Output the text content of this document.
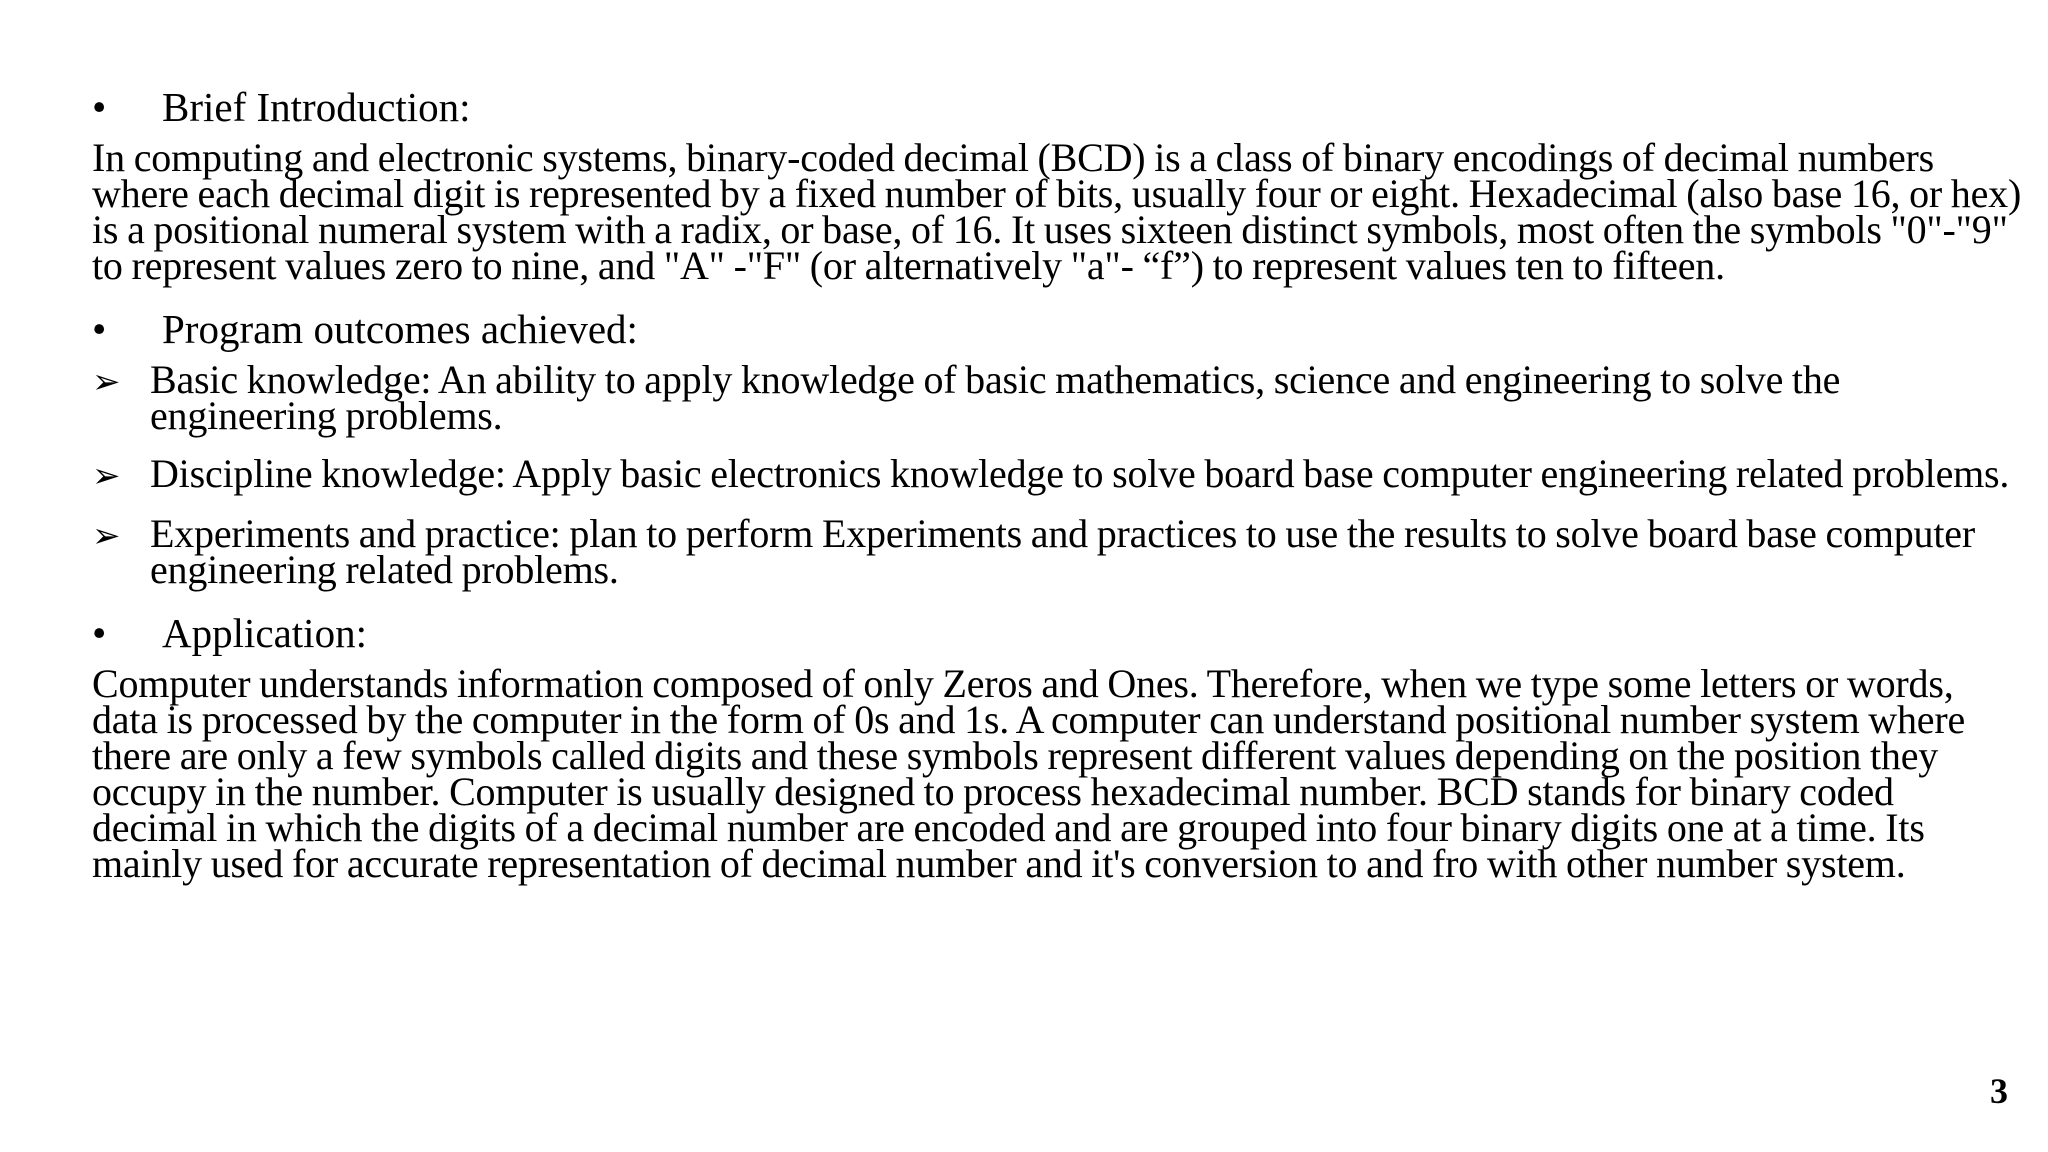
•	Brief Introduction:

In computing and electronic systems, binary-coded decimal (BCD) is a class of binary encodings of decimal numbers where each decimal digit is represented by a fixed number of bits, usually four or eight. Hexadecimal (also base 16, or hex) is a positional numeral system with a radix, or base, of 16. It uses sixteen distinct symbols, most often the symbols "0"-"9" to represent values zero to nine, and "A" -"F" (or alternatively "a"- “f”) to represent values ten to fifteen.

•	Program outcomes achieved:
➢ Basic knowledge: An ability to apply knowledge of basic mathematics, science and engineering to solve the engineering problems.
➢ Discipline knowledge: Apply basic electronics knowledge to solve board base computer engineering related problems.
➢ Experiments and practice: plan to perform Experiments and practices to use the results to solve board base computer engineering related problems.
•	Application:

Computer understands information composed of only Zeros and Ones. Therefore, when we type some letters or words, data is processed by the computer in the form of 0s and 1s. A computer can understand positional number system where there are only a few symbols called digits and these symbols represent different values depending on the position they occupy in the number. Computer is usually designed to process hexadecimal number. BCD stands for binary coded decimal in which the digits of a decimal number are encoded and are grouped into four binary digits one at a time. Its mainly used for accurate representation of decimal number and it's conversion to and fro with other number system.

3
